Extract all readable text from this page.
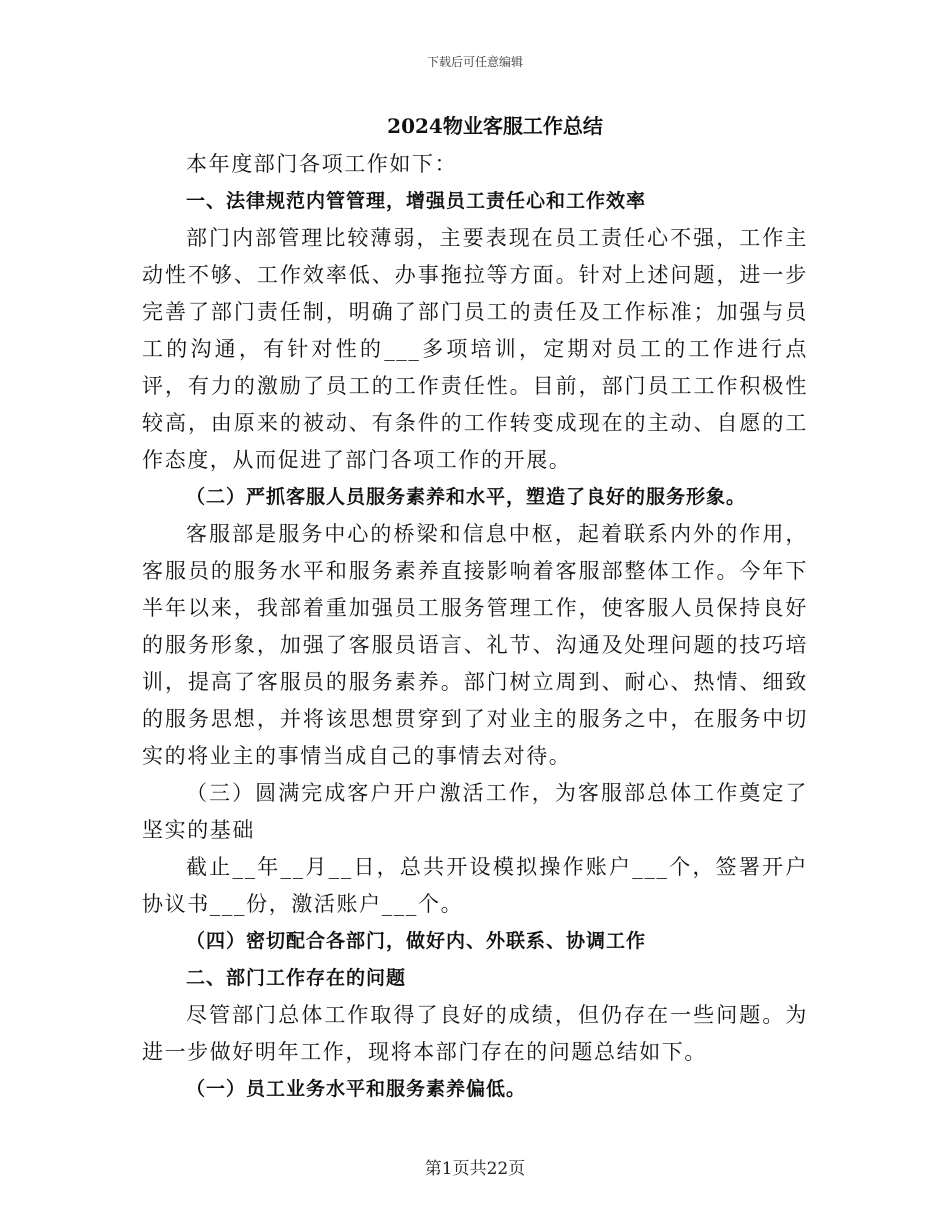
下载后可任意编辑
2024物业客服工作总结

本年度部门各项工作如下：

一、法律规范内管管理，增强员工责任心和工作效率

部门内部管理比较薄弱，主要表现在员工责任心不强，工作主动性不够、工作效率低、办事拖拉等方面。针对上述问题，进一步完善了部门责任制，明确了部门员工的责任及工作标准；加强与员工的沟通，有针对性的___多项培训，定期对员工的工作进行点评，有力的激励了员工的工作责任性。目前，部门员工工作积极性较高，由原来的被动、有条件的工作转变成现在的主动、自愿的工作态度，从而促进了部门各项工作的开展。

（二）严抓客服人员服务素养和水平，塑造了良好的服务形象。

客服部是服务中心的桥梁和信息中枢，起着联系内外的作用，客服员的服务水平和服务素养直接影响着客服部整体工作。今年下半年以来，我部着重加强员工服务管理工作，使客服人员保持良好的服务形象，加强了客服员语言、礼节、沟通及处理问题的技巧培训，提高了客服员的服务素养。部门树立周到、耐心、热情、细致的服务思想，并将该思想贯穿到了对业主的服务之中，在服务中切实的将业主的事情当成自己的事情去对待。

（三）圆满完成客户开户激活工作，为客服部总体工作奠定了坚实的基础

截止__年__月__日，总共开设模拟操作账户___个，签署开户协议书___份，激活账户___个。

（四）密切配合各部门，做好内、外联系、协调工作

二、部门工作存在的问题

尽管部门总体工作取得了良好的成绩，但仍存在一些问题。为进一步做好明年工作，现将本部门存在的问题总结如下。

（一）员工业务水平和服务素养偏低。

第1页共22页
